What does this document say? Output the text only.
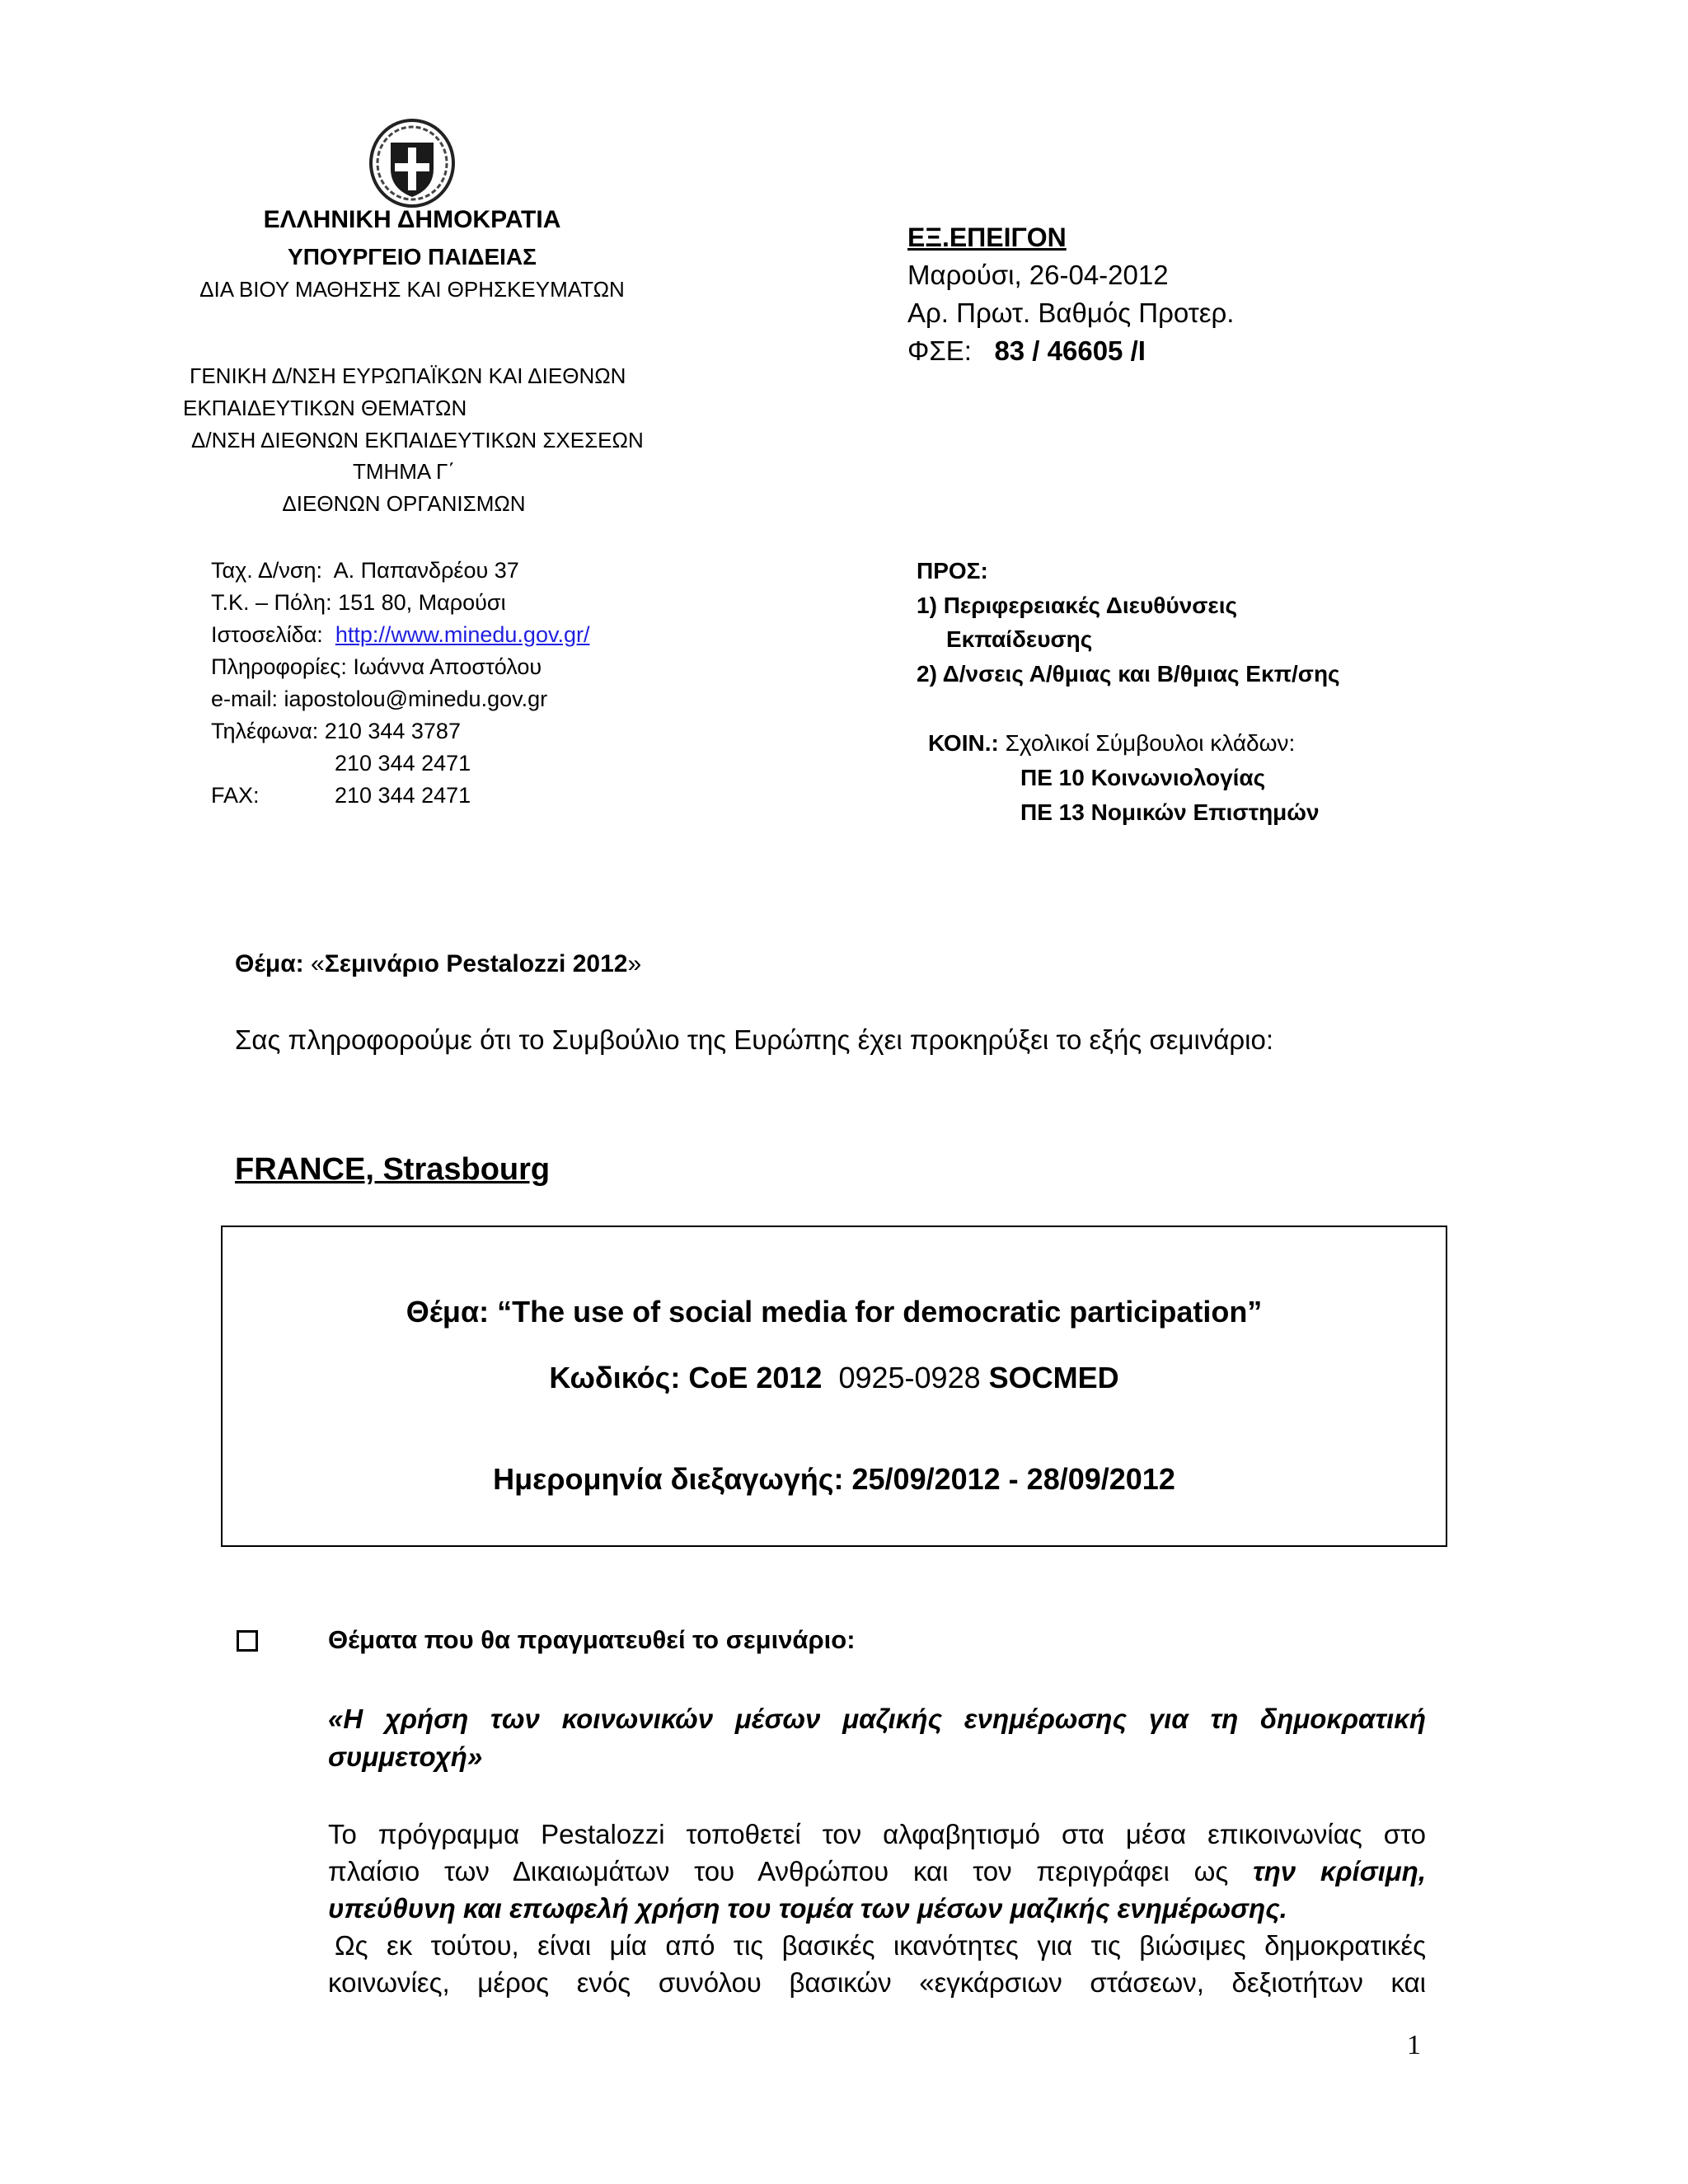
ΕΛΛΗΝΙΚΗ ΔΗΜΟΚΡΑΤΙΑ
ΥΠΟΥΡΓΕΙΟ ΠΑΙΔΕΙΑΣ
ΔΙΑ ΒΙΟΥ ΜΑΘΗΣΗΣ ΚΑΙ ΘΡΗΣΚΕΥΜΑΤΩΝ
ΓΕΝΙΚΗ Δ/ΝΣΗ ΕΥΡΩΠΑΪΚΩΝ ΚΑΙ ΔΙΕΘΝΩΝ
ΕΚΠΑΙΔΕΥΤΙΚΩΝ ΘΕΜΑΤΩΝ
Δ/ΝΣΗ ΔΙΕΘΝΩΝ ΕΚΠΑΙΔΕΥΤΙΚΩΝ ΣΧΕΣΕΩΝ
ΤΜΗΜΑ Γ΄
ΔΙΕΘΝΩΝ ΟΡΓΑΝΙΣΜΩΝ
Ταχ. Δ/νση: Α. Παπανδρέου 37
Τ.Κ. – Πόλη: 151 80, Μαρούσι
Ιστοσελίδα: http://www.minedu.gov.gr/
Πληροφορίες: Ιωάννα Αποστόλου
e-mail: iapostolou@minedu.gov.gr
Τηλέφωνα: 210 344 3787
210 344 2471
FAX:	210 344 2471
ΕΞ.ΕΠΕΙΓΟΝ
Μαρούσι, 26-04-2012
Αρ. Πρωτ. Βαθμός Προτερ.
ΦΣΕ: 83 / 46605 /Ι
ΠΡΟΣ:
1) Περιφερειακές Διευθύνσεις
Εκπαίδευσης
2) Δ/νσεις Α/θμιας και Β/θμιας Εκπ/σης
ΚΟΙΝ.: Σχολικοί Σύμβουλοι κλάδων:
ΠΕ 10 Κοινωνιολογίας
ΠΕ 13 Νομικών Επιστημών
Θέμα: «Σεμινάριο Pestalozzi 2012»
Σας πληροφορούμε ότι το Συμβούλιο της Ευρώπης έχει προκηρύξει το εξής σεμινάριο:
FRANCE, Strasbourg
Θέμα: “The use of social media for democratic participation”
Κωδικός: CoE 2012 0925-0928 SOCMED
Ημερομηνία διεξαγωγής: 25/09/2012 - 28/09/2012
Θέματα που θα πραγματευθεί το σεμινάριο:
«Η χρήση των κοινωνικών μέσων μαζικής ενημέρωσης για τη δημοκρατική
συμμετοχή»
Το πρόγραμμα Pestalozzi τοποθετεί τον αλφαβητισμό στα μέσα επικοινωνίας στο
πλαίσιο των Δικαιωμάτων του Ανθρώπου και τον περιγράφει ως την κρίσιμη,
υπεύθυνη και επωφελή χρήση του τομέα των μέσων μαζικής ενημέρωσης.
Ως εκ τούτου, είναι μία από τις βασικές ικανότητες για τις βιώσιμες δημοκρατικές
κοινωνίες, μέρος ενός συνόλου βασικών «εγκάρσιων στάσεων, δεξιοτήτων και
1
